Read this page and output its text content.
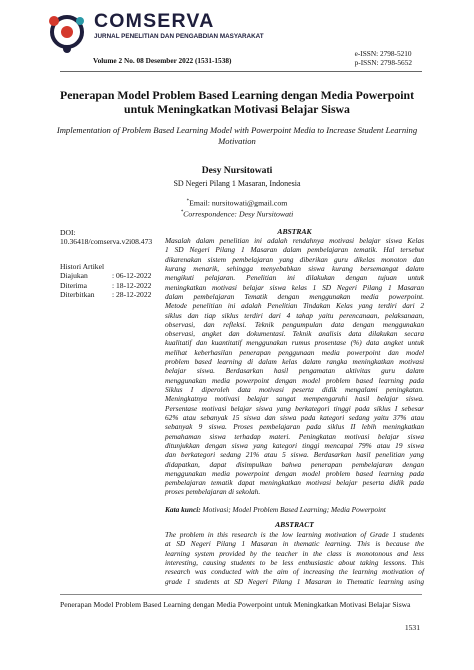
COMSERVA
JURNAL PENELITIAN DAN PENGABDIAN MASYARAKAT
Volume 2 No. 08 Desember 2022 (1531-1538)
e-ISSN: 2798-5210
p-ISSN: 2798-5652
Penerapan Model Problem Based Learning dengan Media Powerpoint untuk Meningkatkan Motivasi Belajar Siswa
Implementation of Problem Based Learning Model with Powerpoint Media to Increase Student Learning Motivation
Desy Nursitowati
SD Negeri Pilang 1 Masaran, Indonesia
*Email: nursitowati@gmail.com
*Correspondence: Desy Nursitowati
DOI:
10.36418/comserva.v2i08.473
Histori Artikel
Diajukan	: 06-12-2022
Diterima	: 18-12-2022
Diterbitkan	: 28-12-2022
ABSTRAK
Masalah dalam penelitian ini adalah rendahnya motivasi belajar siswa Kelas
1 SD Negeri Pilang 1 Masaran dalam pembelajaran tematik. Hal tersebut
dikarenakan sistem pembelajaran yang diberikan guru dikelas monoton dan
kurang menarik, sehingga menyebabkan siswa kurang bersemangat dalam
mengikuti pelajaran. Penelitian ini dilakukan dengan tujuan untuk
meningkatkan motivasi belajar siswa kelas 1 SD Negeri Pilang 1 Masaran
dalam pembelajaran Tematik dengan menggunakan media powerpoint.
Metode penelitian ini adalah Penelitian Tindakan Kelas yang terdiri dari 2
siklus dan tiap siklus terdiri dari 4 tahap yaitu perencanaan, pelaksanaan,
observasi, dan refleksi. Teknik pengumpulan data dengan menggunakan
observasi, angket dan dokumentasi. Teknik analisis data dilakukan secara
kualitatif dan kuantitatif menggunakan rumus prosentase (%) data angket untuk
melihat keberhasilan penerapan penggunaan media powerpoint dan model
problem based learning di dalam kelas dalam rangka meningkatkan motivasi
belajar siswa. Berdasarkan hasil pengamatan aktivitas guru dalam
menggunakan media powerpoint dengan model problem based learning pada
Siklus I diperoleh data motivasi peserta didik mengalami peningkatan.
Meningkatnya motivasi belajar sangat mempengaruhi hasil belajar siswa.
Persentase motivasi belajar siswa yang berkategori tinggi pada siklus I sebesar
62% atau sebanyak 15 siswa dan siswa pada kategori sedang yaitu 37% atau
sebanyak 9 siswa. Proses pembelajaran pada siklus II lebih meningkatkan
pemahaman siswa terhadap materi. Peningkatan motivasi belajar siswa
ditunjukkan dengan siswa yang kategori tinggi mencapai 79% atau 19 siswa
dan berkategori sedang 21% atau 5 siswa. Berdasarkan hasil penelitian yang
didapatkan, dapat disimpulkan bahwa penerapan pembelajaran dengan
menggunakan media powerpoint dengan model problem based learning pada
pembelajaran tematik dapat meningkatkan motivasi belajar peserta didik pada
proses pembelajaran di sekolah.
Kata kunci: Motivasi; Model Problem Based Learning; Media Powerpoint
ABSTRACT
The problem in this research is the low learning motivation of Grade 1 students
at SD Negeri Pilang 1 Masaran in thematic learning. This is because the
learning system provided by the teacher in the class is monotonous and less
interesting, causing students to be less enthusiastic about taking lessons. This
research was conducted with the aim of increasing the learning motivation of
grade 1 students at SD Negeri Pilang 1 Masaran in Thematic learning using
Penerapan Model Problem Based Learning dengan Media Powerpoint untuk Meningkatkan Motivasi Belajar Siswa
1531
